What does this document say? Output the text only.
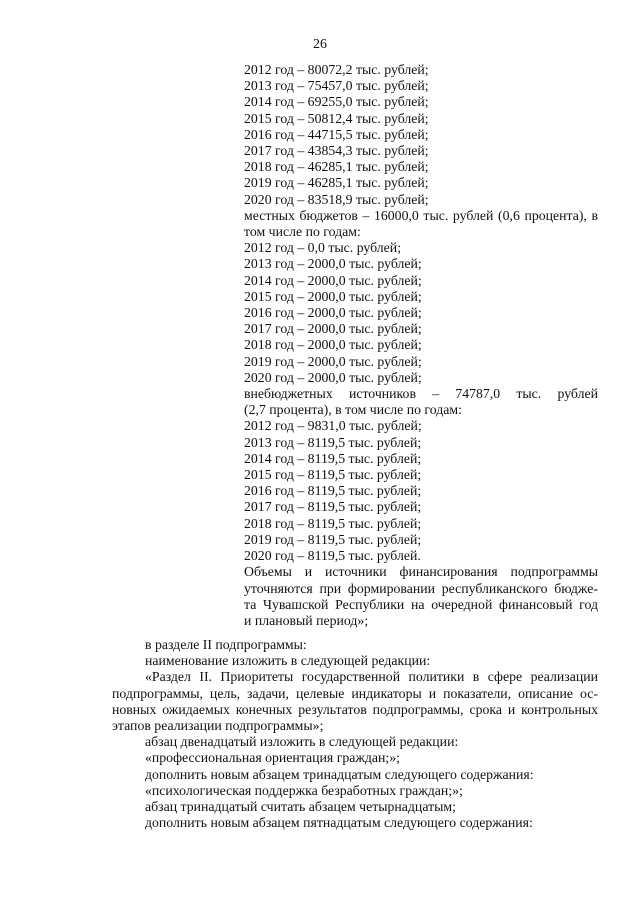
26
2012 год – 80072,2 тыс. рублей;
2013 год – 75457,0 тыс. рублей;
2014 год – 69255,0 тыс. рублей;
2015 год – 50812,4 тыс. рублей;
2016 год – 44715,5 тыс. рублей;
2017 год – 43854,3 тыс. рублей;
2018 год – 46285,1 тыс. рублей;
2019 год – 46285,1 тыс. рублей;
2020 год – 83518,9 тыс. рублей;
местных бюджетов – 16000,0 тыс. рублей (0,6 процента), в
том числе по годам:
2012 год – 0,0 тыс. рублей;
2013 год – 2000,0 тыс. рублей;
2014 год – 2000,0 тыс. рублей;
2015 год – 2000,0 тыс. рублей;
2016 год – 2000,0 тыс. рублей;
2017 год – 2000,0 тыс. рублей;
2018 год – 2000,0 тыс. рублей;
2019 год – 2000,0 тыс. рублей;
2020 год – 2000,0 тыс. рублей;
внебюджетных источников – 74787,0 тыс. рублей
(2,7 процента), в том числе по годам:
2012 год – 9831,0 тыс. рублей;
2013 год – 8119,5 тыс. рублей;
2014 год – 8119,5 тыс. рублей;
2015 год – 8119,5 тыс. рублей;
2016 год – 8119,5 тыс. рублей;
2017 год – 8119,5 тыс. рублей;
2018 год – 8119,5 тыс. рублей;
2019 год – 8119,5 тыс. рублей;
2020 год – 8119,5 тыс. рублей.
Объемы и источники финансирования подпрограммы
уточняются при формировании республиканского бюдже-
та Чувашской Республики на очередной финансовый год
и плановый период»;
в разделе II подпрограммы:
наименование изложить в следующей редакции:
«Раздел II. Приоритеты государственной политики в сфере реализации
подпрограммы, цель, задачи, целевые индикаторы и показатели, описание ос-
новных ожидаемых конечных результатов подпрограммы, срока и контрольных
этапов реализации подпрограммы»;
абзац двенадцатый изложить в следующей редакции:
«профессиональная ориентация граждан;»;
дополнить новым абзацем тринадцатым следующего содержания:
«психологическая поддержка безработных граждан;»;
абзац тринадцатый считать абзацем четырнадцатым;
дополнить новым абзацем пятнадцатым следующего содержания:
